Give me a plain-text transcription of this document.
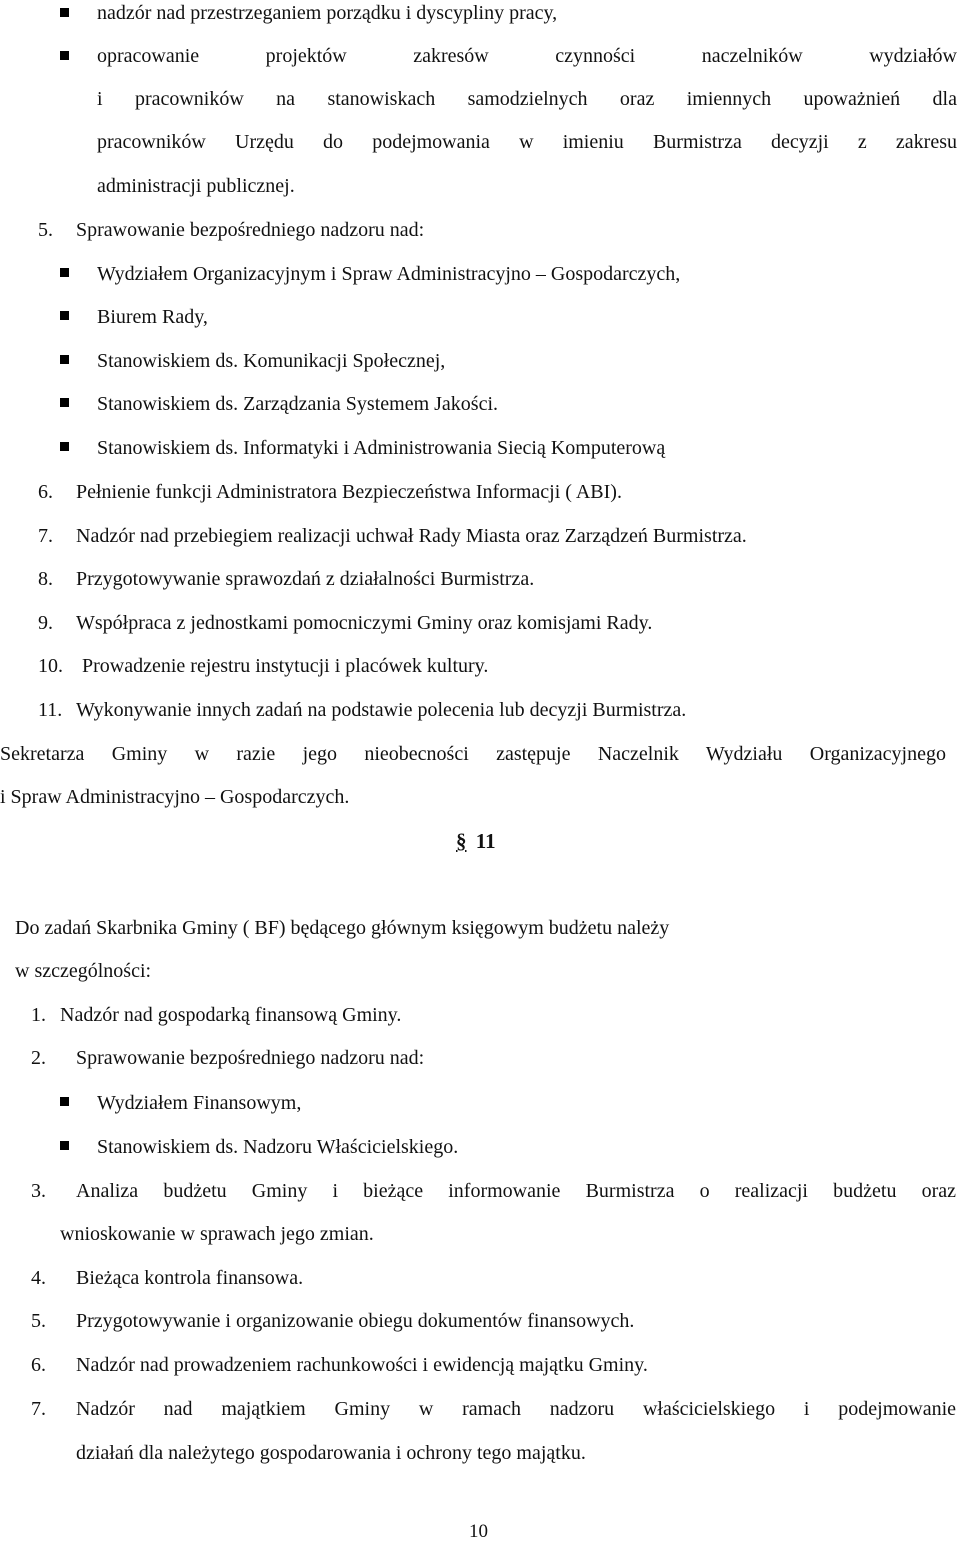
nadzór nad przestrzeganiem porządku i dyscypliny pracy,
opracowanie projektów zakresów czynności naczelników wydziałów
i pracowników na stanowiskach samodzielnych oraz imiennych upoważnień dla
pracowników Urzędu do podejmowania w imieniu Burmistrza decyzji z zakresu
administracji publicznej.
5. Sprawowanie bezpośredniego nadzoru nad:
Wydziałem Organizacyjnym i Spraw Administracyjno – Gospodarczych,
Biurem Rady,
Stanowiskiem ds. Komunikacji Społecznej,
Stanowiskiem ds. Zarządzania Systemem Jakości.
Stanowiskiem ds. Informatyki i Administrowania Siecią Komputerową
6. Pełnienie funkcji Administratora Bezpieczeństwa Informacji ( ABI).
7. Nadzór nad przebiegiem realizacji uchwał Rady Miasta oraz Zarządzeń Burmistrza.
8. Przygotowywanie sprawozdań z działalności Burmistrza.
9. Współpraca z jednostkami pomocniczymi Gminy oraz komisjami Rady.
10. Prowadzenie rejestru instytucji i placówek kultury.
11. Wykonywanie innych zadań na podstawie polecenia lub decyzji Burmistrza.
Sekretarza Gminy w razie jego nieobecności zastępuje Naczelnik Wydziału Organizacyjnego
i Spraw Administracyjno – Gospodarczych.
§ 11
Do zadań Skarbnika Gminy ( BF) będącego głównym księgowym budżetu należy
w szczególności:
1. Nadzór nad gospodarką finansową Gminy.
2. Sprawowanie bezpośredniego nadzoru nad:
Wydziałem Finansowym,
Stanowiskiem ds. Nadzoru Właścicielskiego.
3. Analiza budżetu Gminy i bieżące informowanie Burmistrza o realizacji budżetu oraz
wnioskowanie w sprawach jego zmian.
4. Bieżąca kontrola finansowa.
5. Przygotowywanie i organizowanie obiegu dokumentów finansowych.
6. Nadzór nad prowadzeniem rachunkowości i ewidencją majątku Gminy.
7. Nadzór nad majątkiem Gminy w ramach nadzoru właścicielskiego i podejmowanie
działań dla należytego gospodarowania i ochrony tego majątku.
10
